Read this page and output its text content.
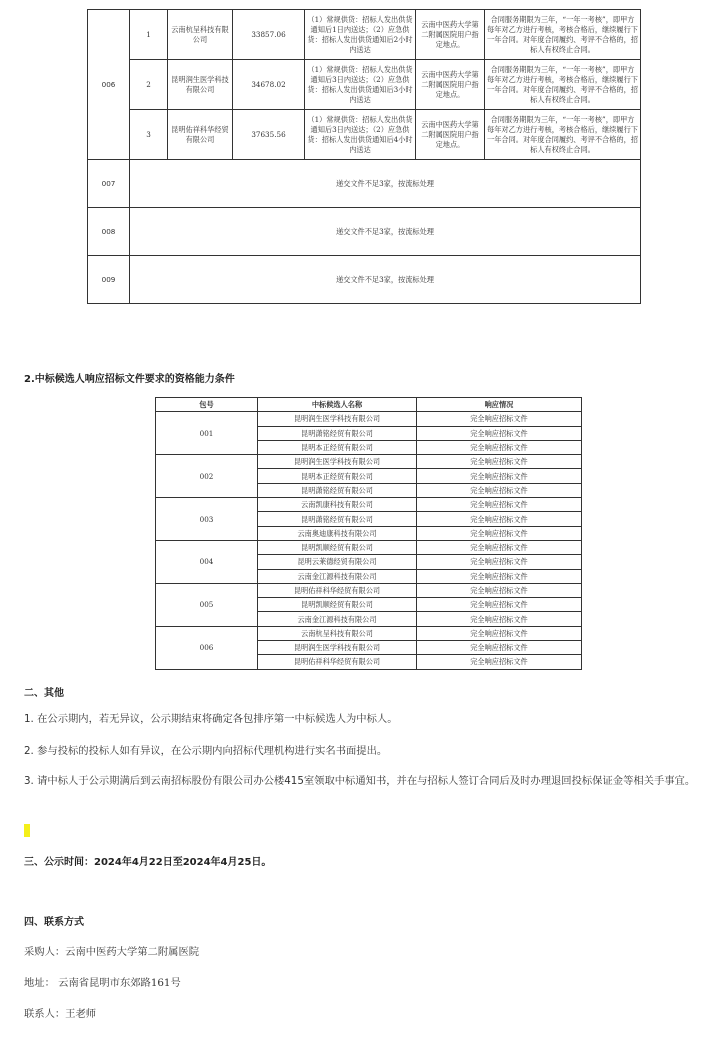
006	1	云南杭呈科技有限公司	33857.06	（1）常规供货：招标人发出供货通知后1日内送达；（2）应急供货：招标人发出供货通知后2小时内送达	云南中医药大学第二附属医院用户指定地点。	合同服务期限为三年，“一年一考核”，即甲方每年对乙方进行考核，考核合格后，继续履行下一年合同。对年度合同履约、考评不合格的，招标人有权终止合同。
	2	昆明润生医学科技有限公司	34678.02	（1）常规供货：招标人发出供货通知后3日内送达；（2）应急供货：招标人发出供货通知后3小时内送达	云南中医药大学第二附属医院用户指定地点。	合同服务期限为三年，“一年一考核”，即甲方每年对乙方进行考核，考核合格后，继续履行下一年合同。对年度合同履约、考评不合格的，招标人有权终止合同。
	3	昆明佑祥科华经贸有限公司	37635.56	（1）常规供货：招标人发出供货通知后3日内送达；（2）应急供货：招标人发出供货通知后4小时内送达	云南中医药大学第二附属医院用户指定地点。	合同服务期限为三年，“一年一考核”，即甲方每年对乙方进行考核，考核合格后，继续履行下一年合同。对年度合同履约、考评不合格的，招标人有权终止合同。
007	递交文件不足3家，按流标处理					
008	递交文件不足3家，按流标处理					
009	递交文件不足3家，按流标处理					
2.中标候选人响应招标文件要求的资格能力条件
包号	中标候选人名称	响应情况
001	昆明润生医学科技有限公司	完全响应招标文件
	昆明潇铭经贸有限公司	完全响应招标文件
	昆明本正经贸有限公司	完全响应招标文件
002	昆明润生医学科技有限公司	完全响应招标文件
	昆明本正经贸有限公司	完全响应招标文件
	昆明潇铭经贸有限公司	完全响应招标文件
003	云南凯康科技有限公司	完全响应招标文件
	昆明潇铭经贸有限公司	完全响应招标文件
	云南奥迪康科技有限公司	完全响应招标文件
004	昆明凯顺经贸有限公司	完全响应招标文件
	昆明云莱德经贸有限公司	完全响应招标文件
	云南金江源科技有限公司	完全响应招标文件
005	昆明佑祥科华经贸有限公司	完全响应招标文件
	昆明凯顺经贸有限公司	完全响应招标文件
	云南金江源科技有限公司	完全响应招标文件
006	云南杭呈科技有限公司	完全响应招标文件
	昆明润生医学科技有限公司	完全响应招标文件
	昆明佑祥科华经贸有限公司	完全响应招标文件
二、其他
1. 在公示期内，若无异议，公示期结束将确定各包排序第一中标候选人为中标人。
2. 参与投标的投标人如有异议，在公示期内向招标代理机构进行实名书面提出。
3. 请中标人于公示期满后到云南招标股份有限公司办公楼415室领取中标通知书，并在与招标人签订合同后及时办理退回投标保证金等相关手事宜。
三、公示时间：2024年4月22日至2024年4月25日。
四、联系方式
采购人：云南中医药大学第二附属医院
地址： 云南省昆明市东郊路161号
联系人：王老师
